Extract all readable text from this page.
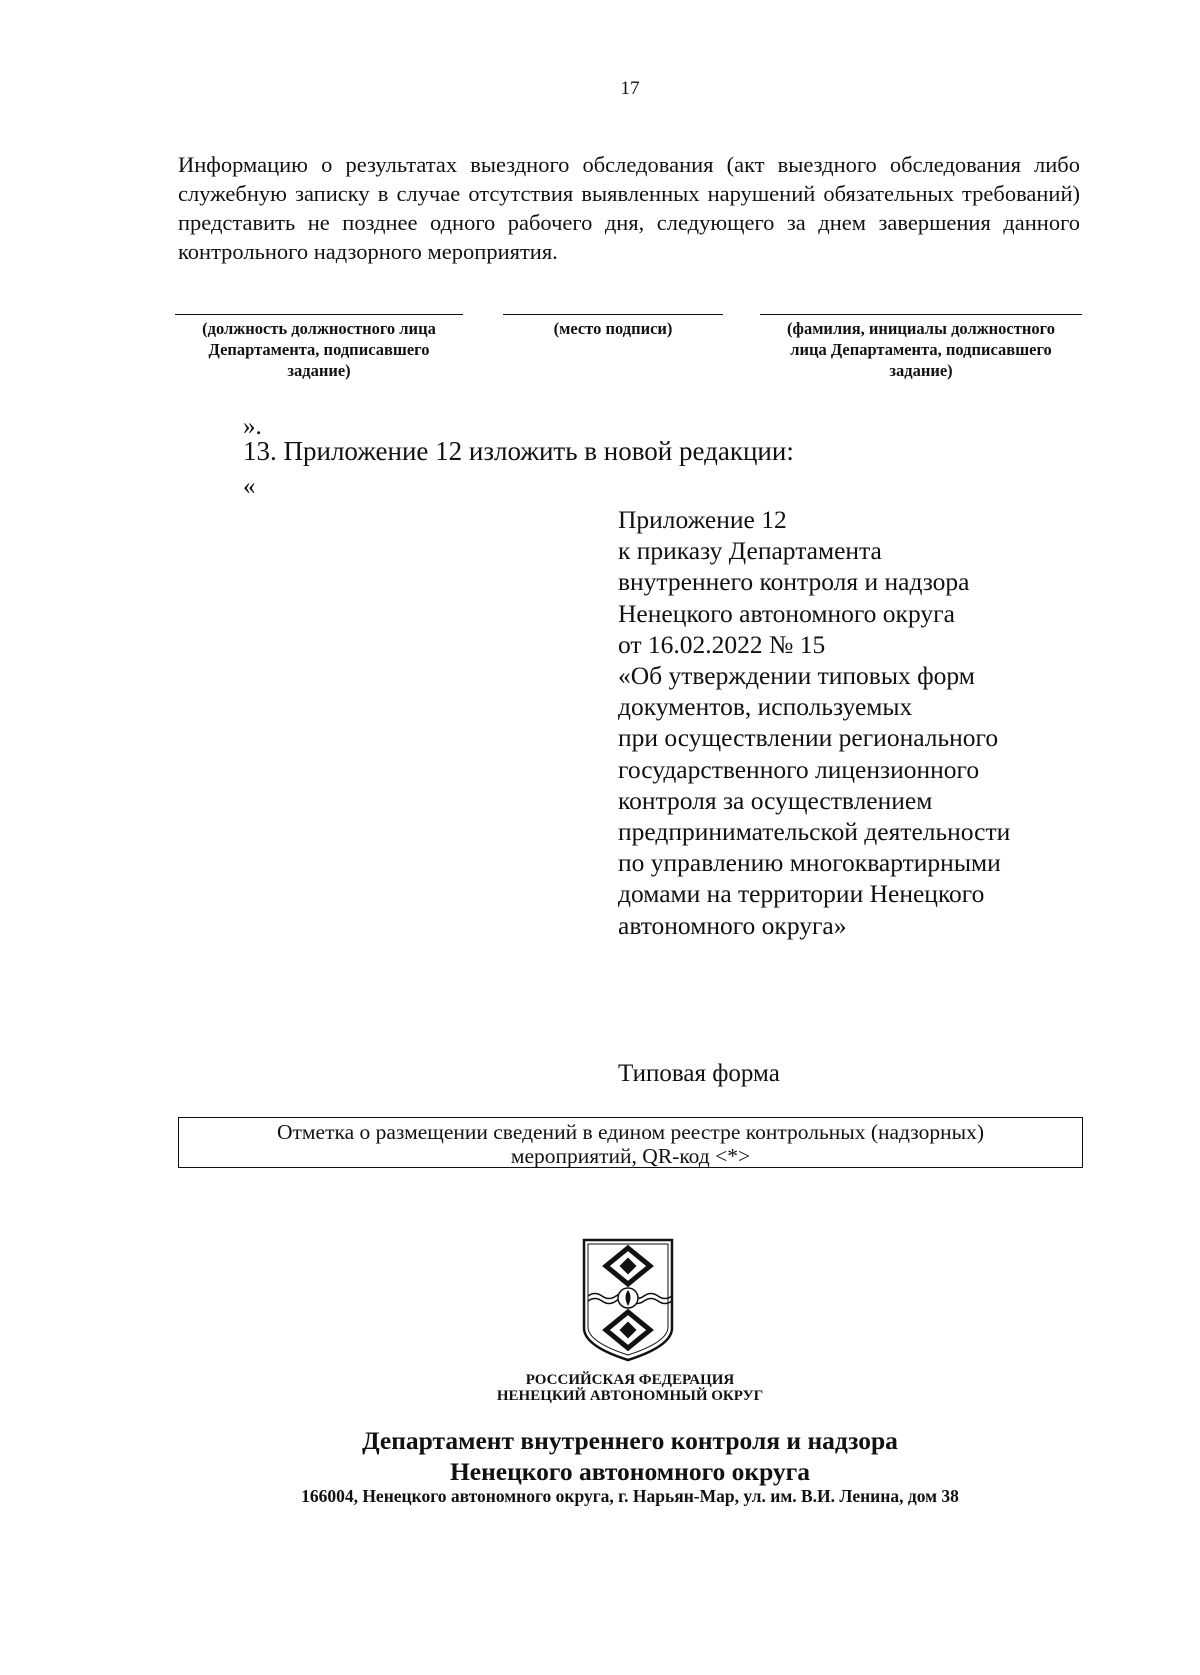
17
Информацию о результатах выездного обследования (акт выездного обследования либо
служебную записку в случае отсутствия выявленных нарушений обязательных требований)
представить не позднее одного рабочего дня, следующего за днем завершения данного
контрольного надзорного мероприятия.
(должность должностного лица
Департамента, подписавшего
задание)
(место подписи)	(фамилия, инициалы должностного
лица Департамента, подписавшего
задание)
».
13. Приложение 12 изложить в новой редакции:
«
Приложение 12
к приказу Департамента
внутреннего контроля и надзора
Ненецкого автономного округа
от 16.02.2022 № 15
«Об утверждении типовых форм
документов, используемых
при осуществлении регионального
государственного лицензионного
контроля за осуществлением
предпринимательской деятельности
по управлению многоквартирными
домами на территории Ненецкого
автономного округа»
Типовая форма
Отметка о размещении сведений в едином реестре контрольных (надзорных)
мероприятий, QR-код <*>
РОССИЙСКАЯ ФЕДЕРАЦИЯ
НЕНЕЦКИЙ АВТОНОМНЫЙ ОКРУГ
Департамент внутреннего контроля и надзора
Ненецкого автономного округа
166004, Ненецкого автономного округа, г. Нарьян-Мар, ул. им. В.И. Ленина, дом 38
